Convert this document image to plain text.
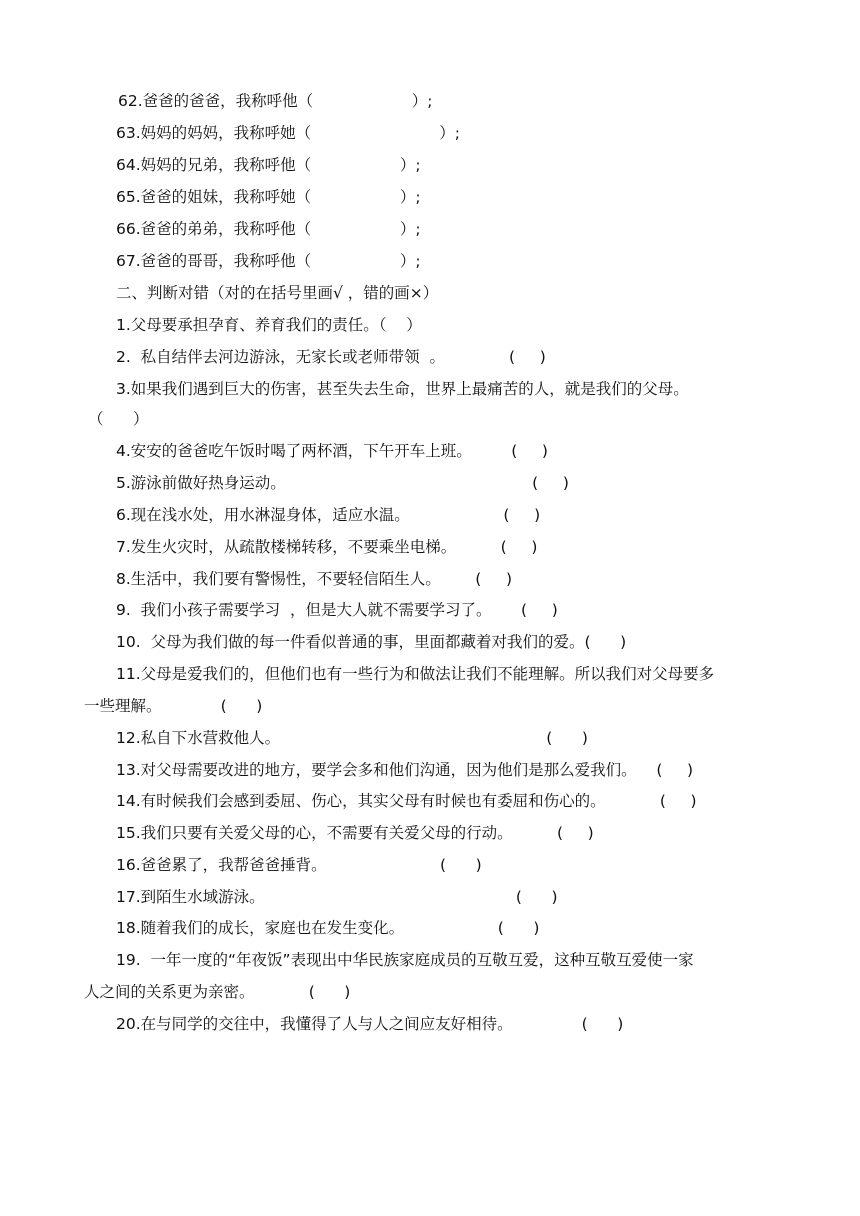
62.爸爸的爸爸，我称呼他（                    ）;
63.妈妈的妈妈，我称呼她（                          ）;
64.妈妈的兄弟，我称呼他（                  ）;
65.爸爸的姐妹，我称呼她（                  ）;
66.爸爸的弟弟，我称呼他（                  ）;
67.爸爸的哥哥，我称呼他（                  ）;
二、判断对错（对的在括号里画√ ，错的画×）
1.父母要承担孕育、养育我们的责任。（    ）
2.  私自结伴去河边游泳，无家长或老师带领  。             (     )
3.如果我们遇到巨大的伤害，甚至失去生命，世界上最痛苦的人，就是我们的父母。
（      ）
4.安安的爸爸吃午饭时喝了两杯酒，下午开车上班。        (     )
5.游泳前做好热身运动。                                                  (     )
6.现在浅水处，用水淋湿身体，适应水温。                   (     )
7.发生火灾时，从疏散楼梯转移，不要乘坐电梯。         (     )
8.生活中，我们要有警惕性，不要轻信陌生人。       (     )
9.  我们小孩子需要学习  ，但是大人就不需要学习了。      (     )
10.  父母为我们做的每一件看似普通的事，里面都藏着对我们的爱。(      )
11.父母是爱我们的，但他们也有一些行为和做法让我们不能理解。所以我们对父母要多
一些理解。            (      )
12.私自下水营救他人。                                                      (      )
13.对父母需要改进的地方，要学会多和他们沟通，因为他们是那么爱我们。    (     )
14.有时候我们会感到委屈、伤心，其实父母有时候也有委屈和伤心的。           (     )
15.我们只要有关爱父母的心，不需要有关爱父母的行动。         (     )
16.爸爸累了，我帮爸爸捶背。                       (      )
17.到陌生水域游泳。                                                   (      )
18.随着我们的成长，家庭也在发生变化。                   (      )
19.  一年一度的“年夜饭”表现出中华民族家庭成员的互敬互爱，这种互敬互爱使一家
人之间的关系更为亲密。           (      )
20.在与同学的交往中，我懂得了人与人之间应友好相待。              (      )
